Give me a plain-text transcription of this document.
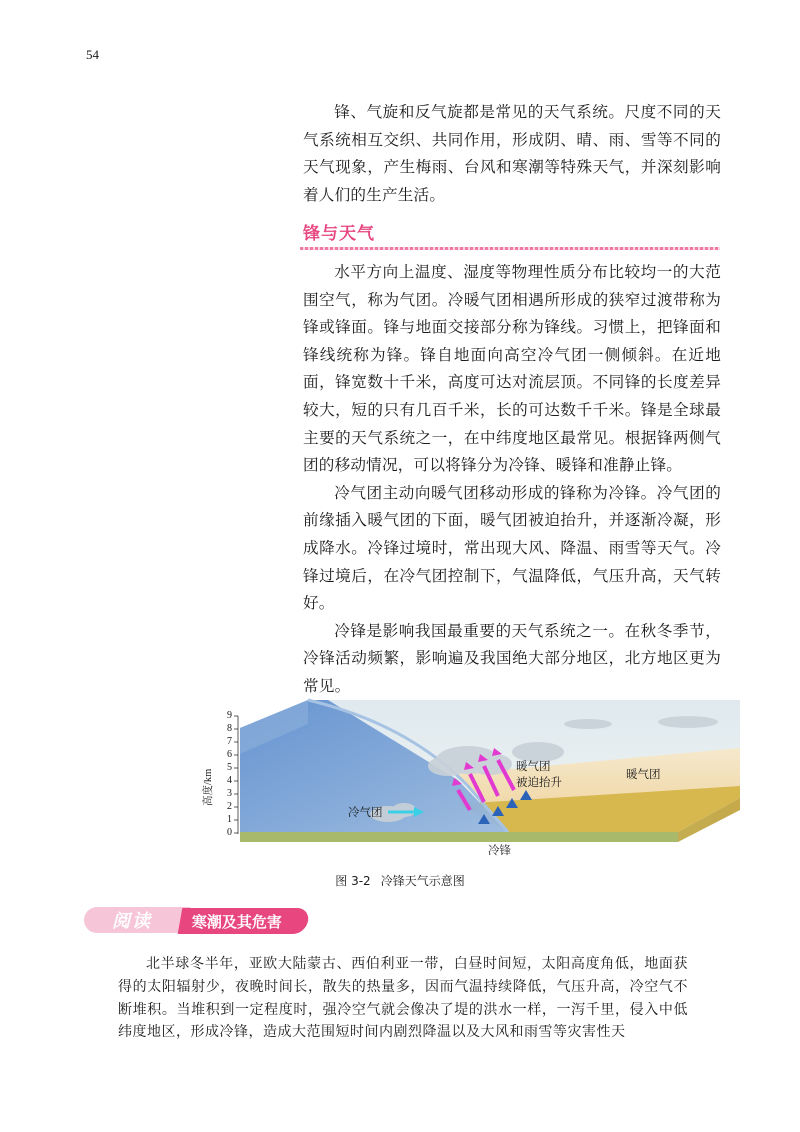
54

锋、气旋和反气旋都是常见的天气系统。尺度不同的天气系统相互交织、共同作用，形成阴、晴、雨、雪等不同的天气现象，产生梅雨、台风和寒潮等特殊天气，并深刻影响着人们的生产生活。

锋与天气

水平方向上温度、湿度等物理性质分布比较均一的大范围空气，称为气团。冷暖气团相遇所形成的狭窄过渡带称为锋或锋面。锋与地面交接部分称为锋线。习惯上，把锋面和锋线统称为锋。锋自地面向高空冷气团一侧倾斜。在近地面，锋宽数十千米，高度可达对流层顶。不同锋的长度差异较大，短的只有几百千米，长的可达数千千米。锋是全球最主要的天气系统之一，在中纬度地区最常见。根据锋两侧气团的移动情况，可以将锋分为冷锋、暖锋和准静止锋。

冷气团主动向暖气团移动形成的锋称为冷锋。冷气团的前缘插入暖气团的下面，暖气团被迫抬升，并逐渐冷凝，形成降水。冷锋过境时，常出现大风、降温、雨雪等天气。冷锋过境后，在冷气团控制下，气温降低，气压升高，天气转好。

冷锋是影响我国最重要的天气系统之一。在秋冬季节，冷锋活动频繁，影响遍及我国绝大部分地区，北方地区更为常见。

9
8
7
6
5
4
3
2
1
0
高度/km
冷气团
暖气团
被迫抬升
暖气团
冷锋
图 3-2 冷锋天气示意图
阅读	寒潮及其危害

北半球冬半年，亚欧大陆蒙古、西伯利亚一带，白昼时间短，太阳高度角低，地面获得的太阳辐射少，夜晚时间长，散失的热量多，因而气温持续降低，气压升高，冷空气不断堆积。当堆积到一定程度时，强冷空气就会像决了堤的洪水一样，一泻千里，侵入中低纬度地区，形成冷锋，造成大范围短时间内剧烈降温以及大风和雨雪等灾害性天
